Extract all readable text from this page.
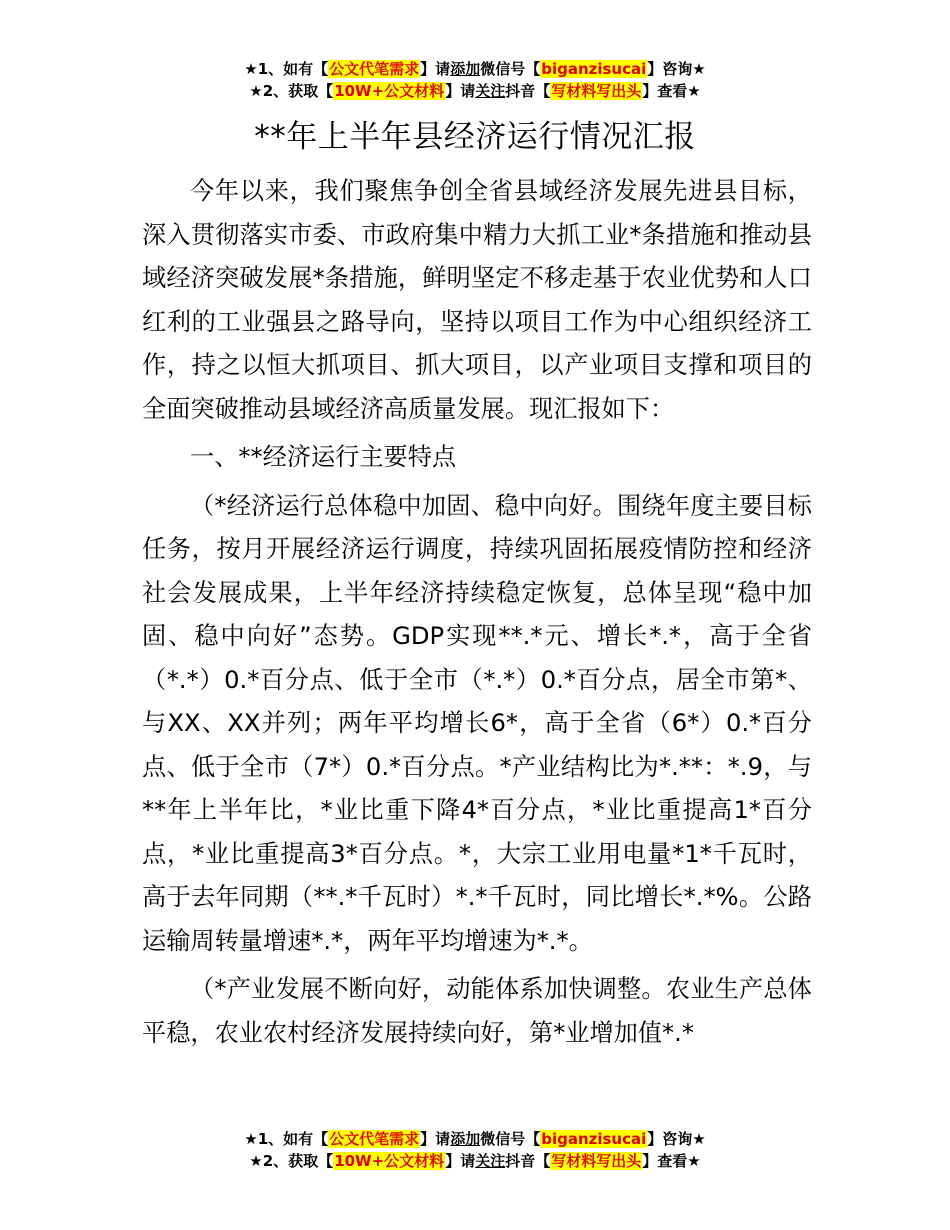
★1、如有【公文代笔需求】请添加微信号【biganzisucai】咨询★
★2、获取【10W+公文材料】请关注抖音【写材料写出头】查看★
**年上半年县经济运行情况汇报

今年以来，我们聚焦争创全省县域经济发展先进县目标，深入贯彻落实市委、市政府集中精力大抓工业*条措施和推动县域经济突破发展*条措施，鲜明坚定不移走基于农业优势和人口红利的工业强县之路导向，坚持以项目工作为中心组织经济工作，持之以恒大抓项目、抓大项目，以产业项目支撑和项目的全面突破推动县域经济高质量发展。现汇报如下：

一、**经济运行主要特点

（*经济运行总体稳中加固、稳中向好。围绕年度主要目标任务，按月开展经济运行调度，持续巩固拓展疫情防控和经济社会发展成果，上半年经济持续稳定恢复，总体呈现“稳中加固、稳中向好”态势。GDP实现**.*元、增长*.*，高于全省（*.*）0.*百分点、低于全市（*.*）0.*百分点，居全市第*、与XX、XX并列；两年平均增长6*，高于全省（6*）0.*百分点、低于全市（7*）0.*百分点。*产业结构比为*.**：*.9，与**年上半年比，*业比重下降4*百分点，*业比重提高1*百分点，*业比重提高3*百分点。*，大宗工业用电量*1*千瓦时，高于去年同期（**.*千瓦时）*.*千瓦时，同比增长*.*%。公路运输周转量增速*.*，两年平均增速为*.*。

（*产业发展不断向好，动能体系加快调整。农业生产总体平稳，农业农村经济发展持续向好，第*业增加值*.*

★1、如有【公文代笔需求】请添加微信号【biganzisucai】咨询★
★2、获取【10W+公文材料】请关注抖音【写材料写出头】查看★
